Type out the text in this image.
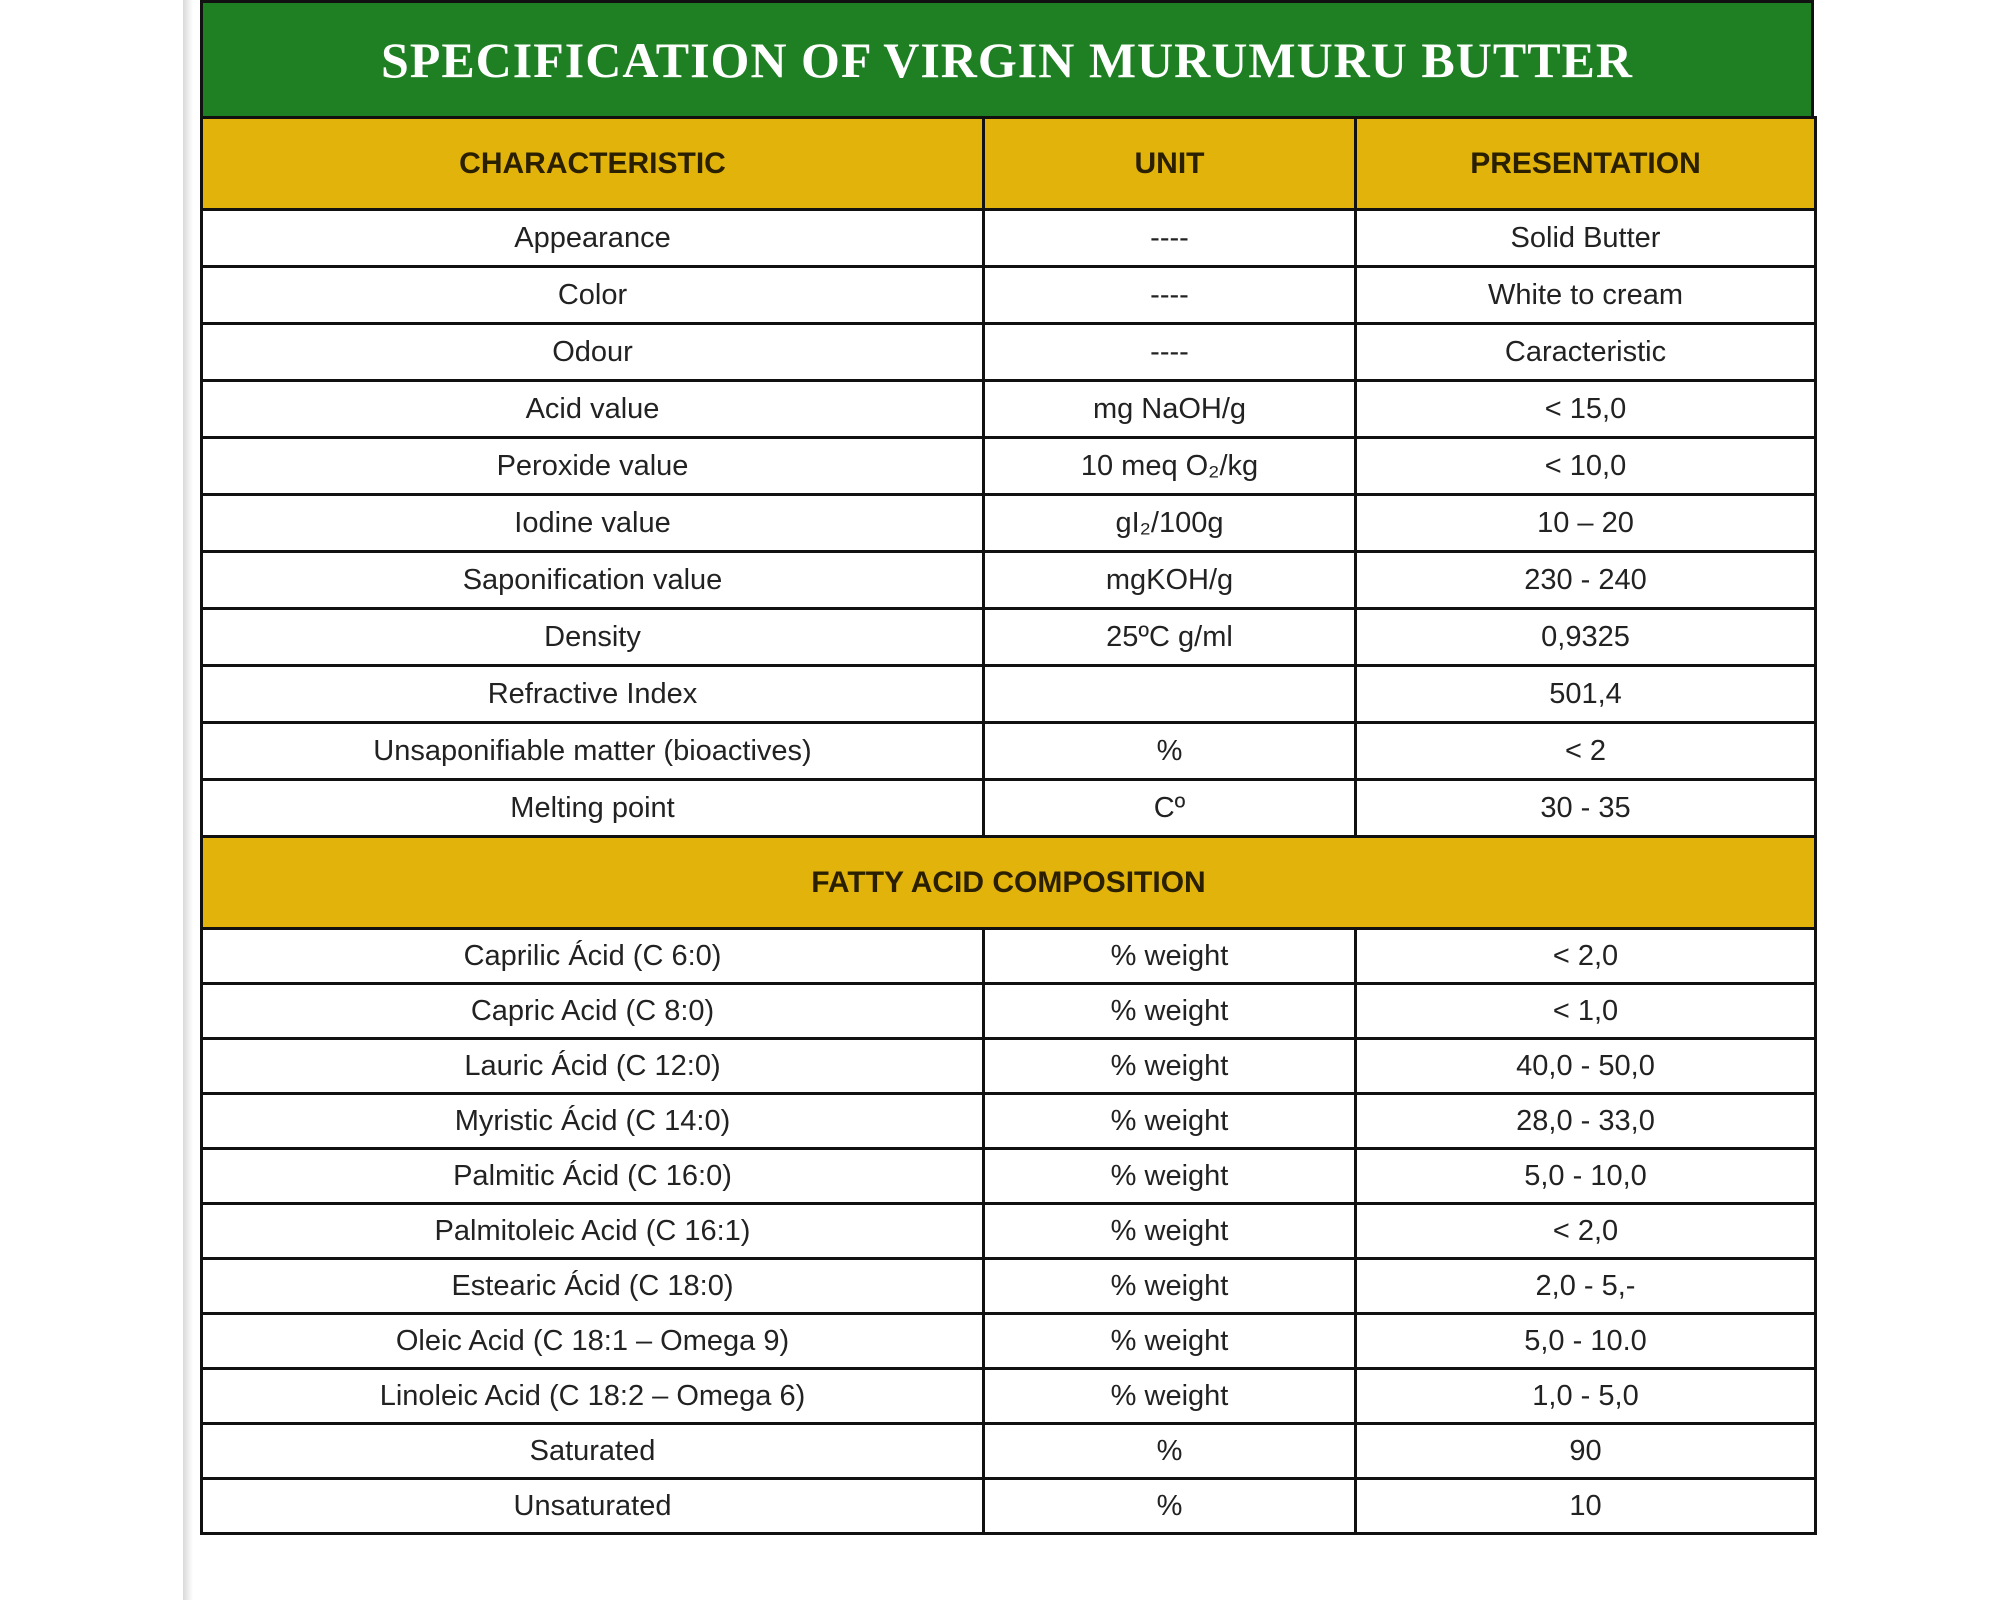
SPECIFICATION OF VIRGIN MURUMURU BUTTER
CHARACTERISTIC	UNIT	PRESENTATION
Appearance	----	Solid Butter
Color	----	White to cream
Odour	----	Caracteristic
Acid value	mg NaOH/g	< 15,0
Peroxide value	10 meq O₂/kg	< 10,0
Iodine value	gI₂/100g	10 – 20
Saponification value	mgKOH/g	230 - 240
Density	25ºC g/ml	0,9325
Refractive Index		501,4
Unsaponifiable matter (bioactives)	%	< 2
Melting point	Cº	30 - 35
FATTY ACID COMPOSITION		
Caprilic Ácid (C 6:0)	% weight	< 2,0
Capric Acid (C 8:0)	% weight	< 1,0
Lauric Ácid (C 12:0)	% weight	40,0 - 50,0
Myristic Ácid (C 14:0)	% weight	28,0 - 33,0
Palmitic Ácid (C 16:0)	% weight	5,0 - 10,0
Palmitoleic Acid (C 16:1)	% weight	< 2,0
Estearic Ácid (C 18:0)	% weight	2,0 - 5,-
Oleic Acid (C 18:1 – Omega 9)	% weight	5,0 - 10.0
Linoleic Acid (C 18:2 – Omega 6)	% weight	1,0 - 5,0
Saturated	%	90
Unsaturated	%	10
